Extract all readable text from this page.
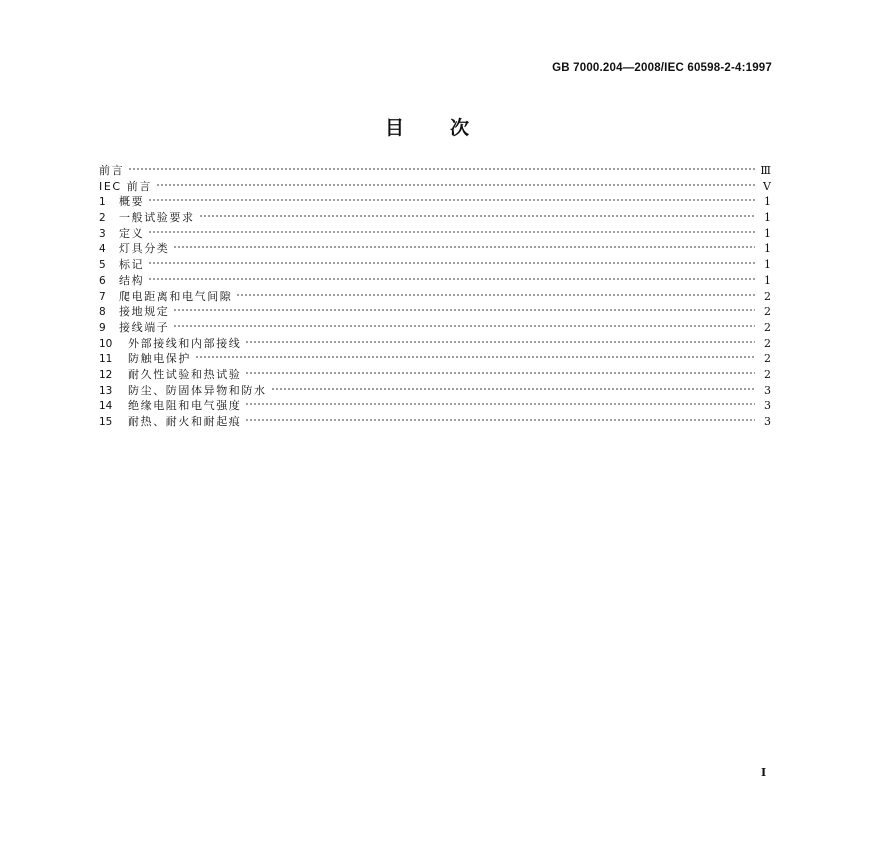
GB 7000.204—2008/IEC 60598-2-4:1997
目次
前言	Ⅲ
IEC 前言	V
1	概要	1
2	一般试验要求	1
3	定义	1
4	灯具分类	1
5	标记	1
6	结构	1
7	爬电距离和电气间隙	2
8	接地规定	2
9	接线端子	2
10	外部接线和内部接线	2
11	防触电保护	2
12	耐久性试验和热试验	2
13	防尘、防固体异物和防水	3
14	绝缘电阻和电气强度	3
15	耐热、耐火和耐起痕	3
I
